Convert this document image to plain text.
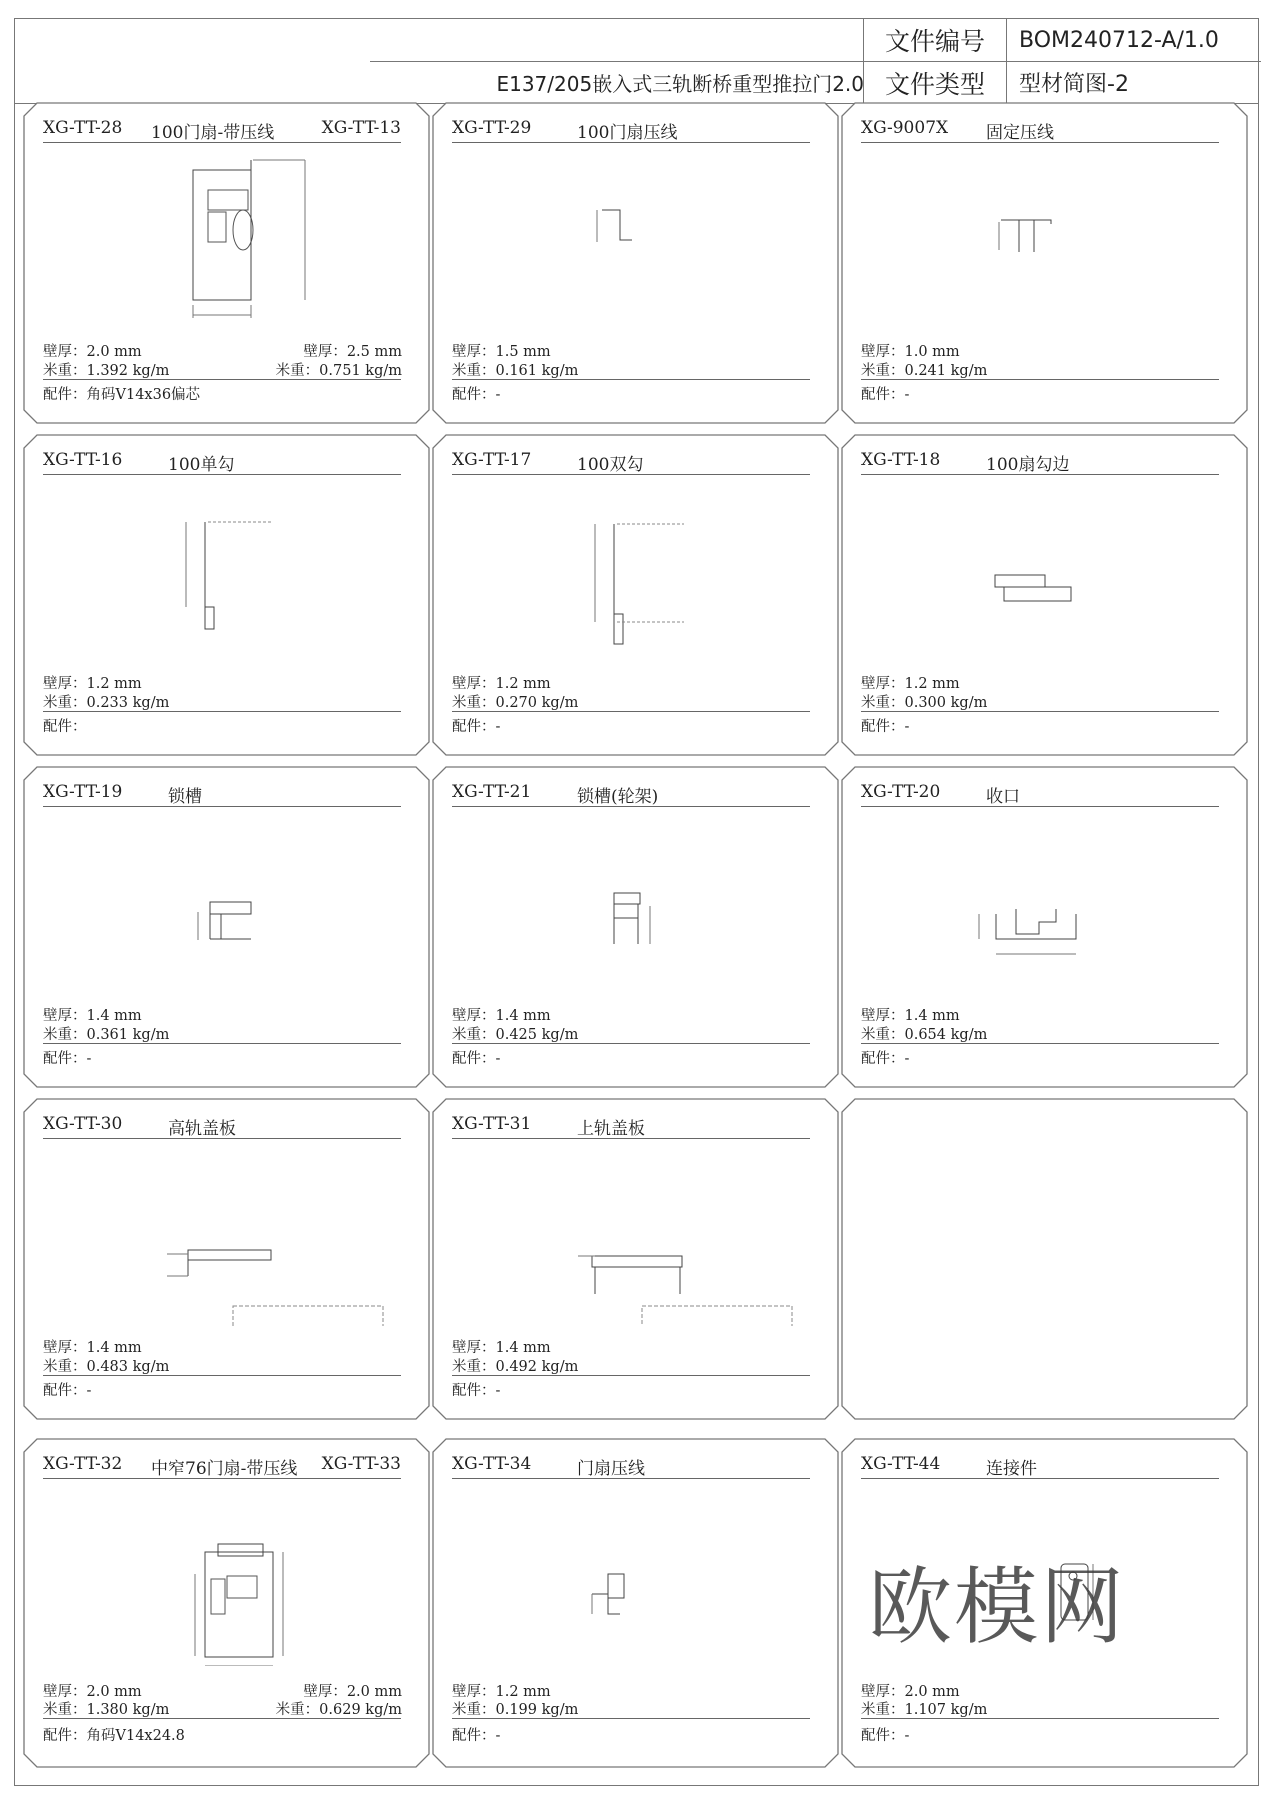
E137/205嵌入式三轨断桥重型推拉门2.0
文件编号	BOM240712-A/1.0
文件类型	型材简图-2
XG-TT-28 100门扇-带压线	XG-TT-13
壁厚：2.0 mm
米重：1.392 kg/m
壁厚：2.5 mm
米重：0.751 kg/m
配件：角码V14x36偏芯
XG-TT-29	100门扇压线
壁厚：1.5 mm
米重：0.161 kg/m
配件：-
XG-9007X 固定压线
壁厚：1.0 mm
米重：0.241 kg/m
配件：-
XG-TT-16	100单勾
壁厚：1.2 mm
米重：0.233 kg/m
配件：
XG-TT-17	100双勾
壁厚：1.2 mm
米重：0.270 kg/m
配件：-
XG-TT-18	100扇勾边
壁厚：1.2 mm
米重：0.300 kg/m
配件：-
XG-TT-19	锁槽
壁厚：1.4 mm
米重：0.361 kg/m
配件：-
XG-TT-21	锁槽(轮架)
壁厚：1.4 mm
米重：0.425 kg/m
配件：-
XG-TT-20	收口
壁厚：1.4 mm
米重：0.654 kg/m
配件：-
XG-TT-30	高轨盖板
壁厚：1.4 mm
米重：0.483 kg/m
配件：-
XG-TT-31	上轨盖板
壁厚：1.4 mm
米重：0.492 kg/m
配件：-
XG-TT-32 中窄76门扇-带压线 XG-TT-33
壁厚：2.0 mm
米重：1.380 kg/m
壁厚：2.0 mm
米重：0.629 kg/m
配件：角码V14x24.8
XG-TT-34	门扇压线
壁厚：1.2 mm
米重：0.199 kg/m
配件：-
XG-TT-44	连接件
壁厚：2.0 mm
米重：1.107 kg/m
配件：-
欧模网
